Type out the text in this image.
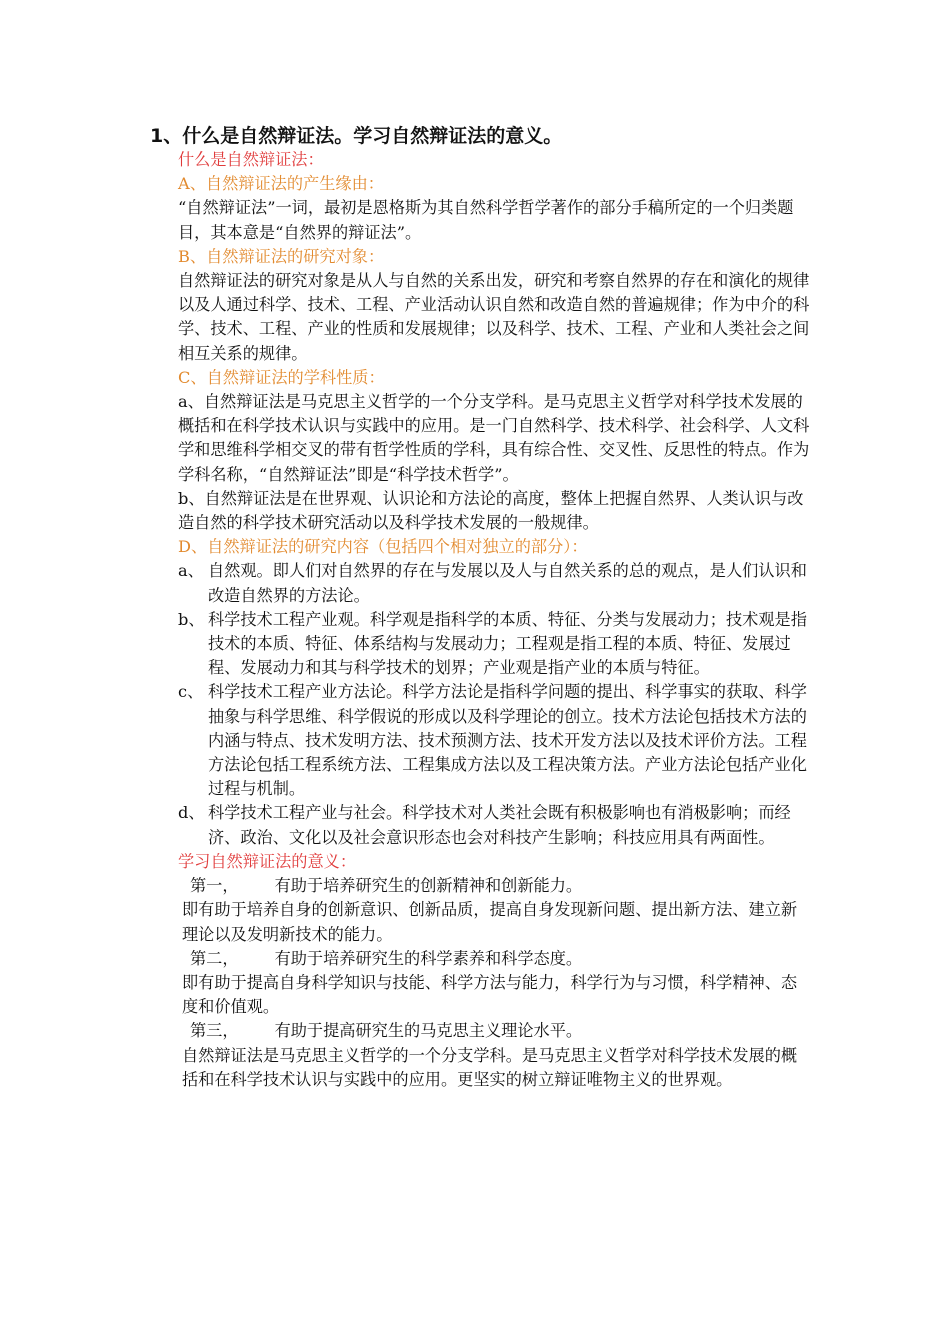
1、什么是自然辩证法。学习自然辩证法的意义。

什么是自然辩证法：

A、自然辩证法的产生缘由：

“自然辩证法”一词，最初是恩格斯为其自然科学哲学著作的部分手稿所定的一个归类题目，其本意是“自然界的辩证法”。

B、自然辩证法的研究对象：

自然辩证法的研究对象是从人与自然的关系出发，研究和考察自然界的存在和演化的规律以及人通过科学、技术、工程、产业活动认识自然和改造自然的普遍规律；作为中介的科学、技术、工程、产业的性质和发展规律；以及科学、技术、工程、产业和人类社会之间相互关系的规律。

C、自然辩证法的学科性质：

a、自然辩证法是马克思主义哲学的一个分支学科。是马克思主义哲学对科学技术发展的概括和在科学技术认识与实践中的应用。是一门自然科学、技术科学、社会科学、人文科学和思维科学相交叉的带有哲学性质的学科，具有综合性、交叉性、反思性的特点。作为学科名称，“自然辩证法”即是“科学技术哲学”。

b、自然辩证法是在世界观、认识论和方法论的高度，整体上把握自然界、人类认识与改造自然的科学技术研究活动以及科学技术发展的一般规律。

D、自然辩证法的研究内容（包括四个相对独立的部分）：

a、 自然观。即人们对自然界的存在与发展以及人与自然关系的总的观点，是人们认识和改造自然界的方法论。
b、 科学技术工程产业观。科学观是指科学的本质、特征、分类与发展动力；技术观是指技术的本质、特征、体系结构与发展动力；工程观是指工程的本质、特征、发展过程、发展动力和其与科学技术的划界；产业观是指产业的本质与特征。
c、 科学技术工程产业方法论。科学方法论是指科学问题的提出、科学事实的获取、科学抽象与科学思维、科学假说的形成以及科学理论的创立。技术方法论包括技术方法的内涵与特点、技术发明方法、技术预测方法、技术开发方法以及技术评价方法。工程方法论包括工程系统方法、工程集成方法以及工程决策方法。产业方法论包括产业化过程与机制。
d、 科学技术工程产业与社会。科学技术对人类社会既有积极影响也有消极影响；而经济、政治、文化以及社会意识形态也会对科技产生影响；科技应用具有两面性。

学习自然辩证法的意义：

第一， 有助于培养研究生的创新精神和创新能力。

即有助于培养自身的创新意识、创新品质，提高自身发现新问题、提出新方法、建立新理论以及发明新技术的能力。

第二， 有助于培养研究生的科学素养和科学态度。

即有助于提高自身科学知识与技能、科学方法与能力，科学行为与习惯，科学精神、态度和价值观。

第三， 有助于提高研究生的马克思主义理论水平。

自然辩证法是马克思主义哲学的一个分支学科。是马克思主义哲学对科学技术发展的概括和在科学技术认识与实践中的应用。更坚实的树立辩证唯物主义的世界观。
